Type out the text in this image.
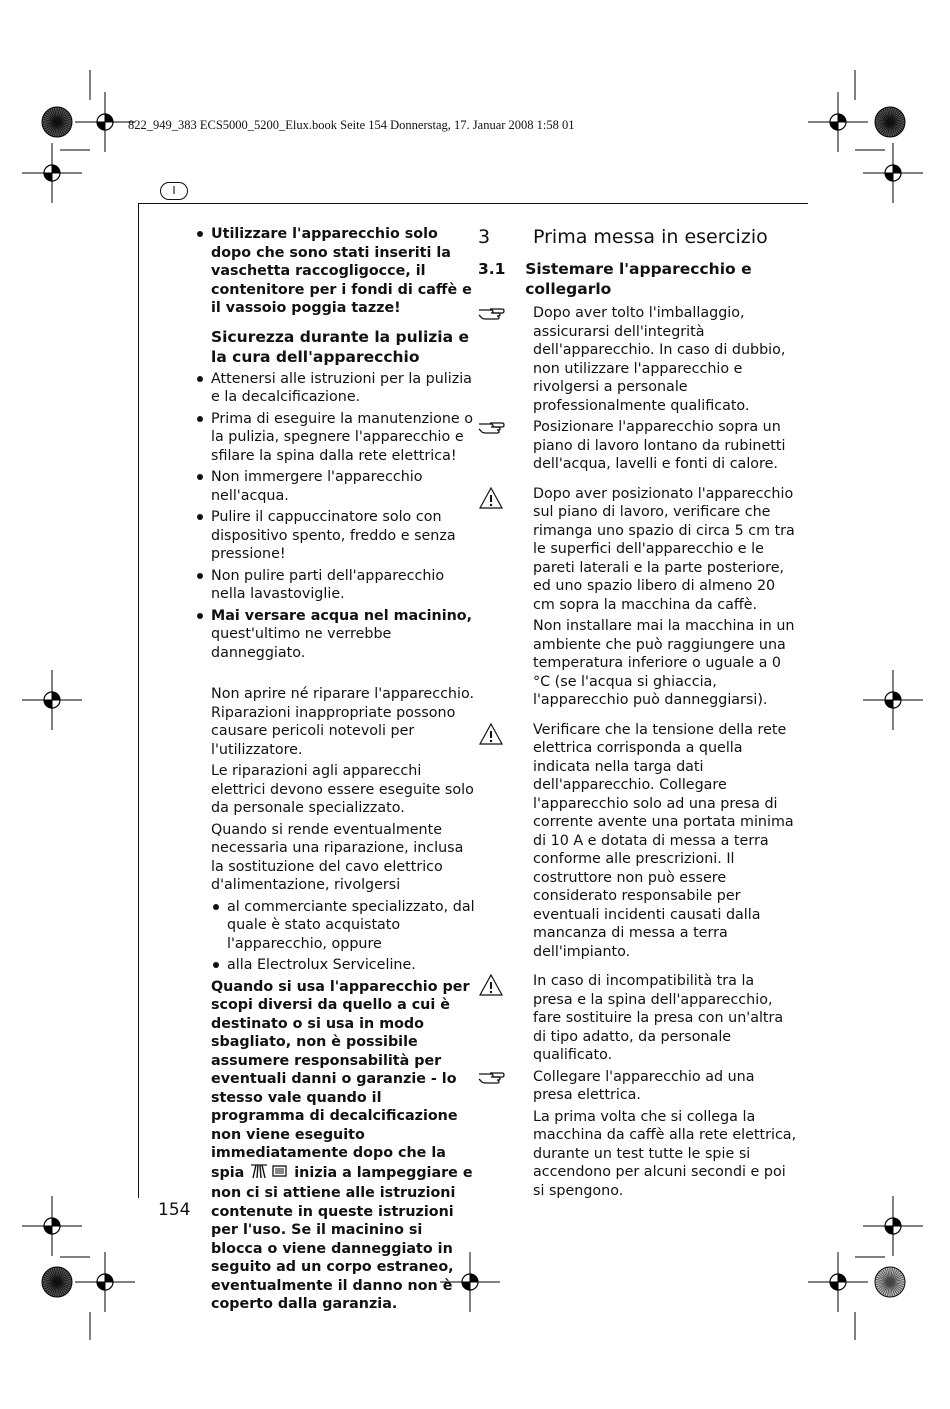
822_949_383 ECS5000_5200_Elux.book Seite 154 Donnerstag, 17. Januar 2008 1:58 01
I
154
Utilizzare l'apparecchio solo dopo che sono stati inseriti la vaschetta raccogligocce, il contenitore per i fondi di caffè e il vassoio poggia tazze!
Sicurezza durante la pulizia e la cura dell'apparecchio
Attenersi alle istruzioni per la pulizia e la decalcificazione.
Prima di eseguire la manutenzione o la pulizia, spegnere l'apparecchio e sfilare la spina dalla rete elettrica!
Non immergere l'apparecchio nell'acqua.
Pulire il cappuccinatore solo con dispositivo spento, freddo e senza pressione!
Non pulire parti dell'apparecchio nella lavastoviglie.
Mai versare acqua nel macinino, quest'ultimo ne verrebbe danneggiato.
Non aprire né riparare l'apparecchio. Riparazioni inappropriate possono causare pericoli notevoli per l'utilizzatore.
Le riparazioni agli apparecchi elettrici devono essere eseguite solo da personale specializzato.
Quando si rende eventualmente necessaria una riparazione, inclusa la sostituzione del cavo elettrico d'alimentazione, rivolgersi
al commerciante specializzato, dal quale è stato acquistato l'apparecchio, oppure
alla Electrolux Serviceline.
Quando si usa l'apparecchio per scopi diversi da quello a cui è destinato o si usa in modo sbagliato, non è possibile assumere responsabilità per eventuali danni o garanzie - lo stesso vale quando il programma di decalcificazione non viene eseguito immediatamente dopo che la spia	inizia a lampeggiare e non ci si attiene alle istruzioni contenute in queste istruzioni per l'uso. Se il macinino si blocca o viene danneggiato in seguito ad un corpo estraneo, eventualmente il danno non è coperto dalla garanzia.
3	Prima messa in esercizio
3.1	Sistemare l'apparecchio e collegarlo
Dopo aver tolto l'imballaggio, assicurarsi dell'integrità dell'apparecchio. In caso di dubbio, non utilizzare l'apparecchio e rivolgersi a personale professionalmente qualificato.
Posizionare l'apparecchio sopra un piano di lavoro lontano da rubinetti dell'acqua, lavelli e fonti di calore.
Dopo aver posizionato l'apparecchio sul piano di lavoro, verificare che rimanga uno spazio di circa 5 cm tra le superfici dell'apparecchio e le pareti laterali e la parte posteriore, ed uno spazio libero di almeno 20 cm sopra la macchina da caffè.
Non installare mai la macchina in un ambiente che può raggiungere una temperatura inferiore o uguale a 0 °C (se l'acqua si ghiaccia, l'apparecchio può danneggiarsi).
Verificare che la tensione della rete elettrica corrisponda a quella indicata nella targa dati dell'apparecchio. Collegare l'apparecchio solo ad una presa di corrente avente una portata minima di 10 A e dotata di messa a terra conforme alle prescrizioni. Il costruttore non può essere considerato responsabile per eventuali incidenti causati dalla mancanza di messa a terra dell'impianto.
In caso di incompatibilità tra la presa e la spina dell'apparecchio, fare sostituire la presa con un'altra di tipo adatto, da personale qualificato.
Collegare l'apparecchio ad una presa elettrica.
La prima volta che si collega la macchina da caffè alla rete elettrica, durante un test tutte le spie si accendono per alcuni secondi e poi si spengono.
